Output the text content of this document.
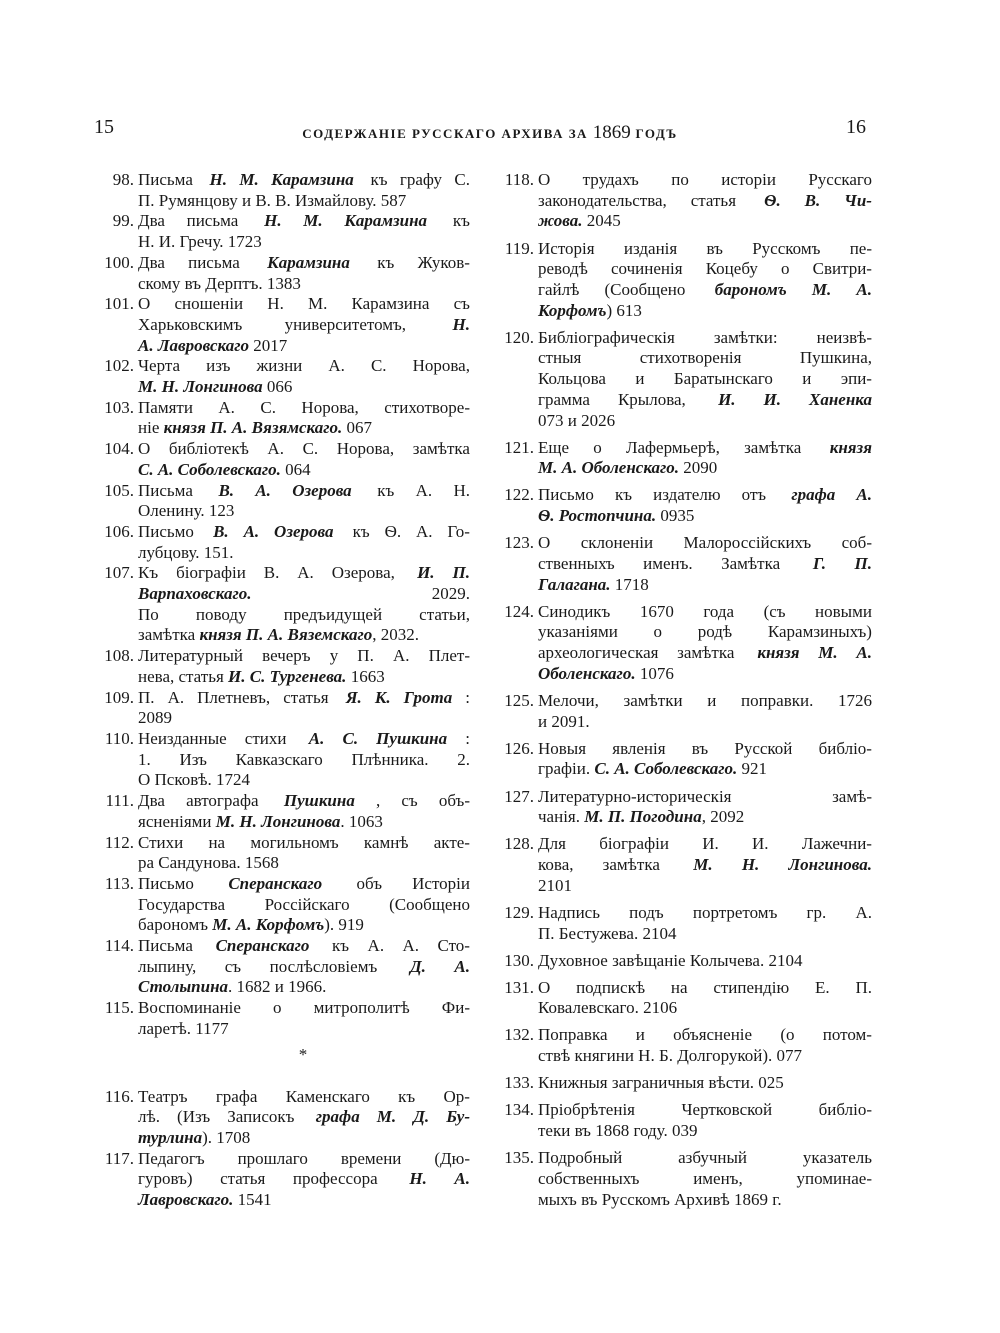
15	СОДЕРЖАНІЕ РУССКАГО АРХИВА ЗА 1869 ГОДЪ	16
98. Письма Н. М. Карамзина къ графу С.
П. Румянцову и В. В. Измайлову. 587
99. Два письма Н. М. Карамзина къ
Н. И. Гречу. 1723
100. Два письма Карамзина къ Жуков-
скому въ Дерптъ. 1383
101. О сношеніи Н. М. Карамзина съ
Харьковскимъ университетомъ, Н.
А. Лавровскаго 2017
102. Черта изъ жизни А. С. Норова,
М. Н. Лонгинова 066
103. Памяти А. С. Норова, стихотворе-
ніе князя П. А. Вязямскаго. 067
104. О библіотекѣ А. С. Норова, замѣтка
С. А. Соболевскаго. 064
105. Письма В. А. Озерова къ А. Н.
Оленину. 123
106. Письмо В. А. Озерова къ Ѳ. А. Го-
лубцову. 151.
107. Къ біографіи В. А. Озерова, И. П.
Варпаховскаго.	2029.
По поводу предъидущей статьи,
замѣтка князя П. А. Вяземскаго , 2032.
108. Литературный вечеръ у П. А. Плет-
нева, статья И. С. Тургенева. 1663
109. П. А. Плетневъ, статья Я. К. Грота :
2089
110. Неизданные стихи А. С. Пушкина :
1. Изъ Кавказскаго Плѣнника. 2.
О Псковѣ. 1724
111. Два автографа Пушкина , съ объ-
ясненіями М. Н. Лонгинова . 1063
112. Стихи на могильномъ камнѣ акте-
ра Сандунова. 1568
113. Письмо Сперанскаго объ Исторіи
Государства Россійскаго (Сообщено
барономъ М. А. Корфомъ ). 919
114. Письма Сперанскаго къ А. А. Сто-
лыпину, съ послѣсловіемъ Д. А.
Столыпина . 1682 и 1966.
115. Воспоминаніе о митрополитѣ Фи-
ларетѣ. 1177
*
116. Театръ графа Каменскаго къ Ор-
лѣ. (Изъ Записокъ графа М. Д. Бу-
турлина ). 1708
117. Педагогъ прошлаго времени (Дю-
гуровъ) статья профессора Н. А.
Лавровскаго. 1541
118. О трудахъ по исторіи Русскаго
законодательства, статья Ѳ. В. Чи-
жова. 2045
119. Исторія изданія въ Русскомъ пе-
реводѣ сочиненія Коцебу о Свитри-
гайлѣ (Сообщено барономъ М. А.
Корфомъ ) 613
120. Библіографическія замѣтки: неизвѣ-
стныя	стихотворенія	Пушкина,
Кольцова и Баратынскаго и эпи-
грамма Крылова, И. И. Ханенка
073 и 2026
121. Еще о Лафермьерѣ, замѣтка князя
М. А. Оболенскаго. 2090
122. Письмо къ издателю отъ графа А.
Ѳ. Ростопчина. 0935
123. О склоненіи Малороссійскихъ соб-
ственныхъ именъ. Замѣтка Г. П.
Галагана. 1718
124. Синодикъ 1670 года (съ новыми
указаніями о родѣ Карамзиныхъ)
археологическая замѣтка князя М. А.
Оболенскаго. 1076
125. Мелочи, замѣтки и поправки. 1726
и 2091.
126. Новыя явленія въ Русской библіо-
графіи. С. А. Соболевскаго. 921
127. Литературно-историческія	замѣ-
чанія. М. П. Погодина , 2092
128. Для біографіи И. И. Лажечни-
кова, замѣтка М. Н. Лонгинова.
2101
129. Надпись подъ портретомъ гр. А.
П. Бестужева. 2104
130. Духовное завѣщаніе Колычева. 2104
131. О подпискѣ на стипендію Е. П.
Ковалевскаго. 2106
132. Поправка и объясненіе (о потом-
ствѣ княгини Н. Б. Долгорукой). 077
133. Книжныя заграничныя вѣсти. 025
134. Пріобрѣтенія	Чертковской	библіо-
теки въ 1868 году. 039
135. Подробный	азбучный	указатель
собственныхъ	именъ,	упоминае-
мыхъ въ Русскомъ Архивѣ 1869 г.
